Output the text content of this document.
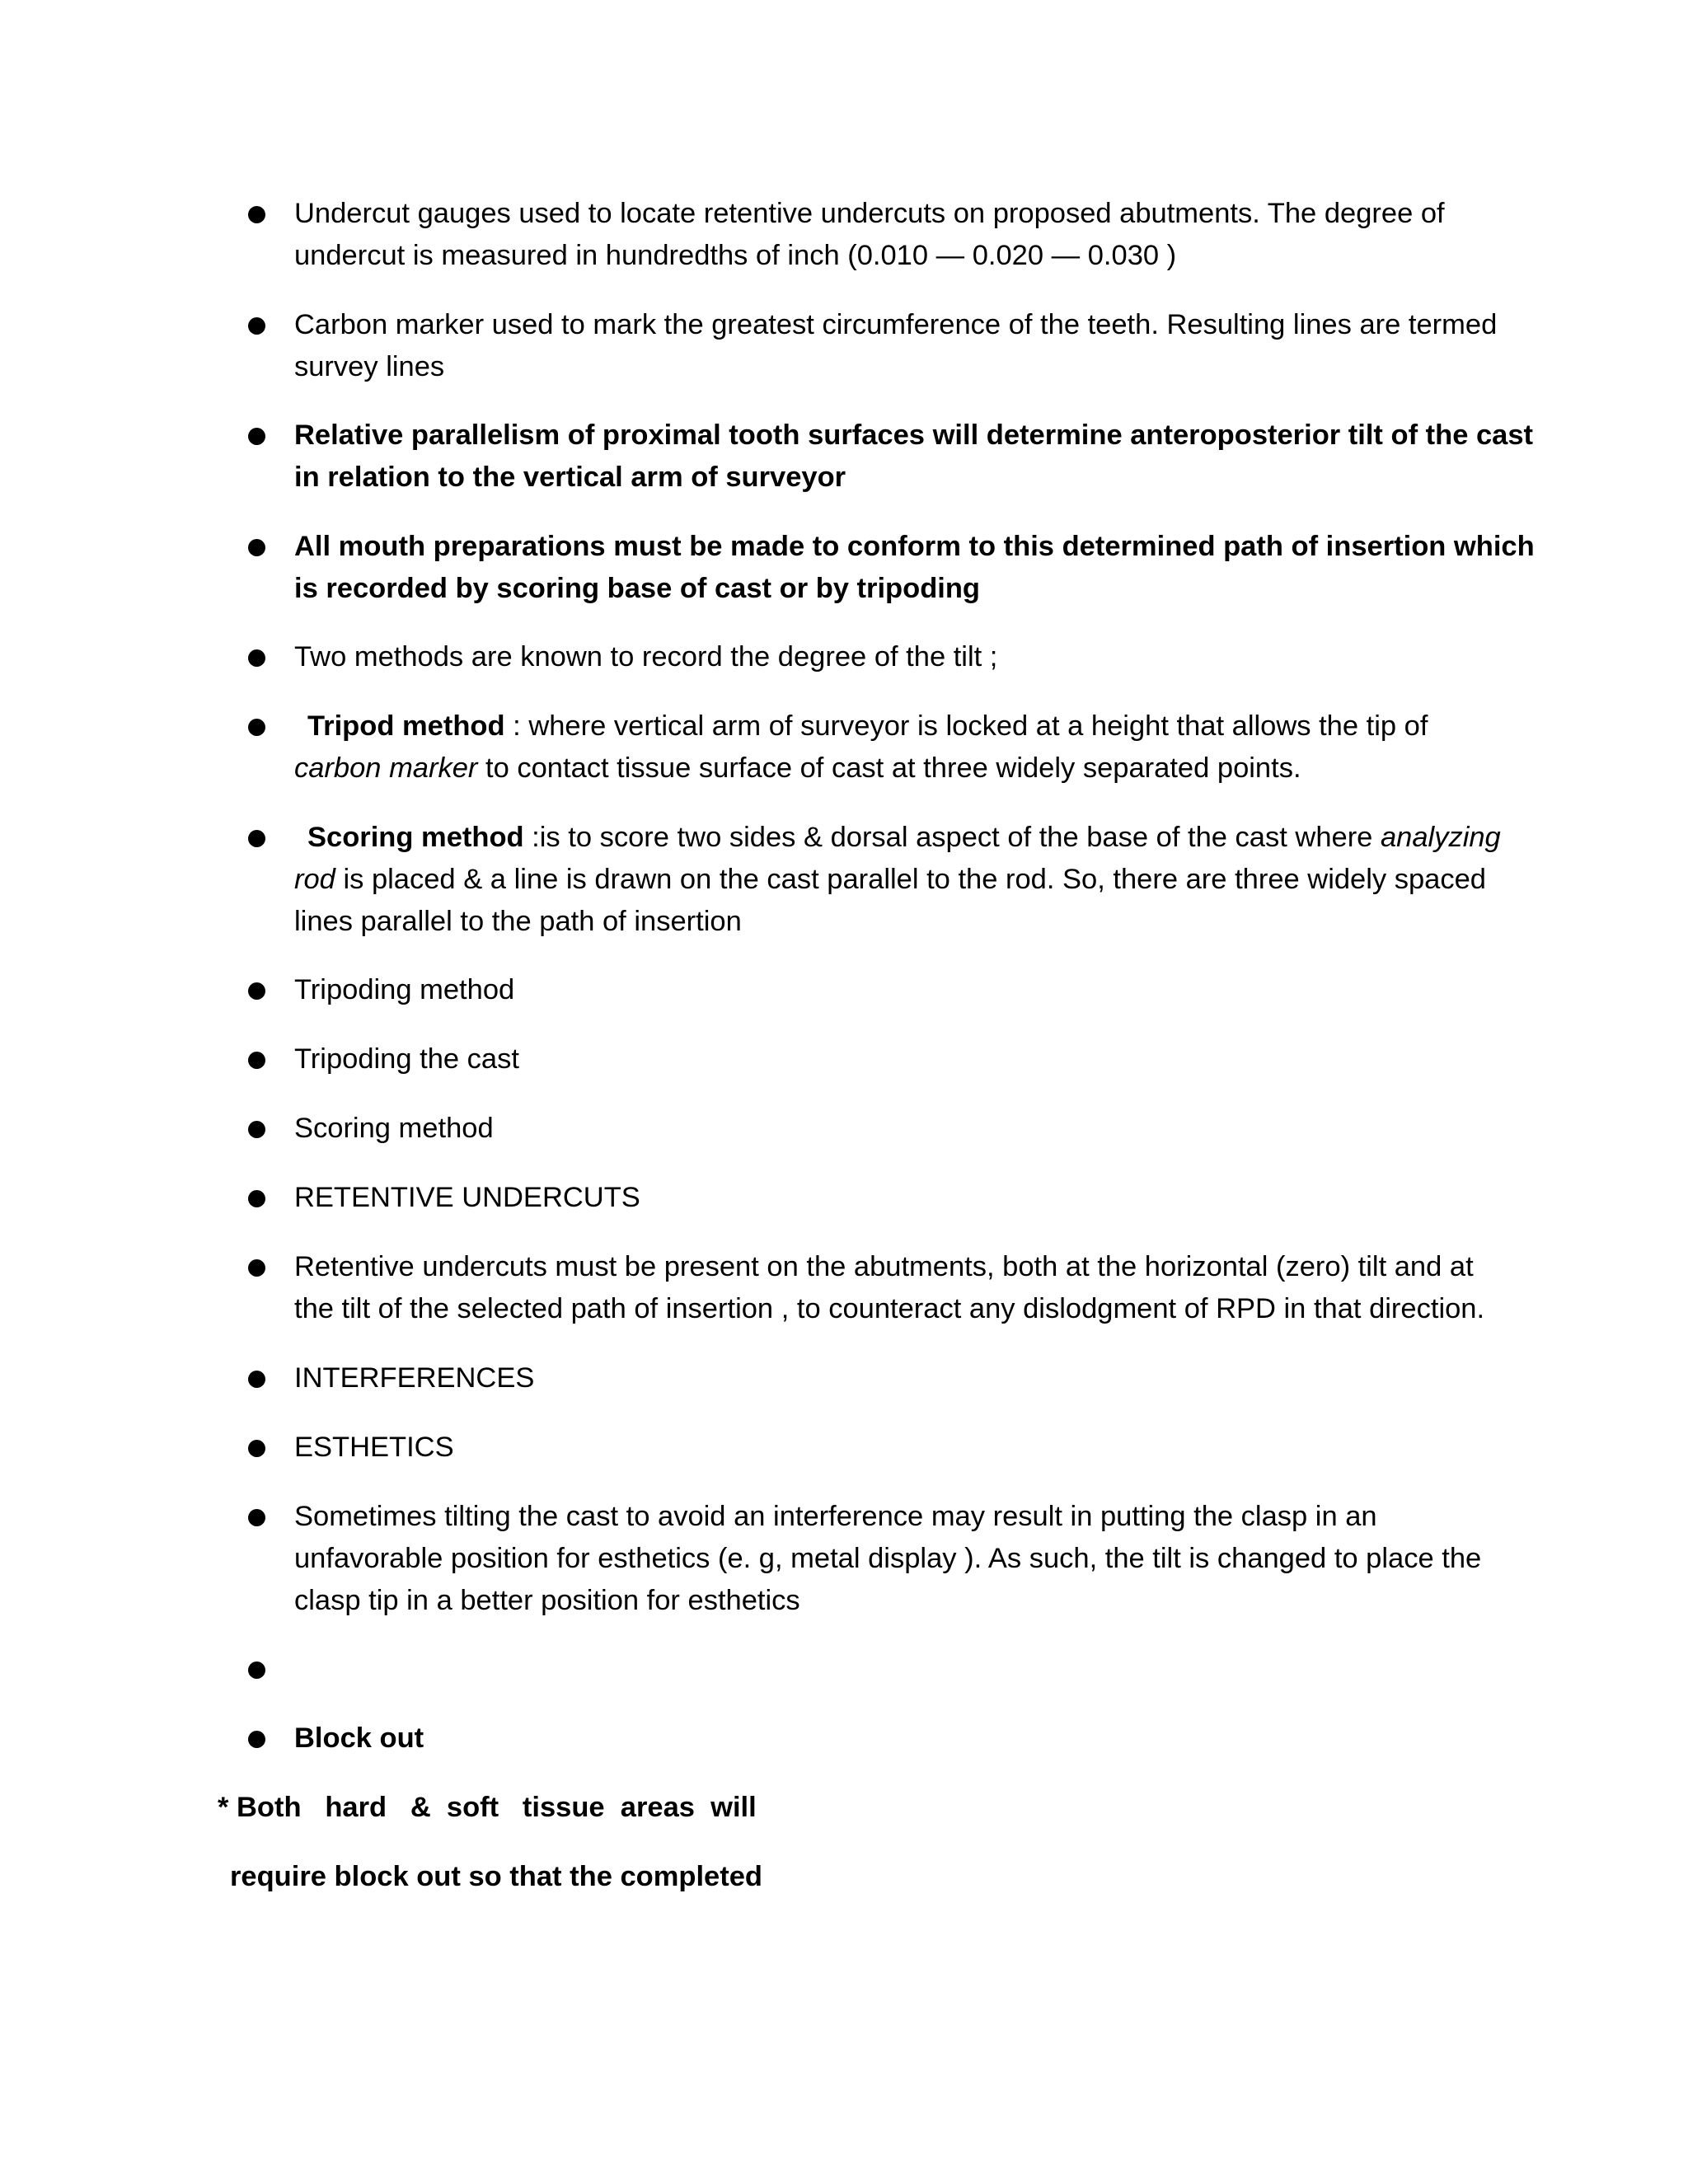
Undercut gauges used to locate retentive undercuts on proposed abutments. The degree of
undercut is measured in hundredths of inch (0.010 — 0.020 — 0.030 )
Carbon marker used to mark the greatest circumference of the teeth. Resulting lines are termed
survey lines
Relative parallelism of proximal tooth surfaces will determine anteroposterior tilt of the cast
in relation to the vertical arm of surveyor
All mouth preparations must be made to conform to this determined path of insertion which
is recorded by scoring base of cast or by tripoding
Two methods are known to record the degree of the tilt ;
Tripod method : where vertical arm of surveyor is locked at a height that allows the tip of
carbon marker to contact tissue surface of cast at three widely separated points.
Scoring method :is to score two sides & dorsal aspect of the base of the cast where analyzing
rod is placed & a line is drawn on the cast parallel to the rod. So, there are three widely spaced
lines parallel to the path of insertion
Tripoding method
Tripoding the cast
Scoring method
RETENTIVE UNDERCUTS
Retentive undercuts must be present on the abutments, both at the horizontal (zero) tilt and at
the tilt of the selected path of insertion , to counteract any dislodgment of RPD in that direction.
INTERFERENCES
ESTHETICS
Sometimes tilting the cast to avoid an interference may result in putting the clasp in an
unfavorable position for esthetics (e. g, metal display ). As such, the tilt is changed to place the
clasp tip in a better position for esthetics
Block out
* Both   hard   &  soft   tissue  areas  will
require block out so that the completed
